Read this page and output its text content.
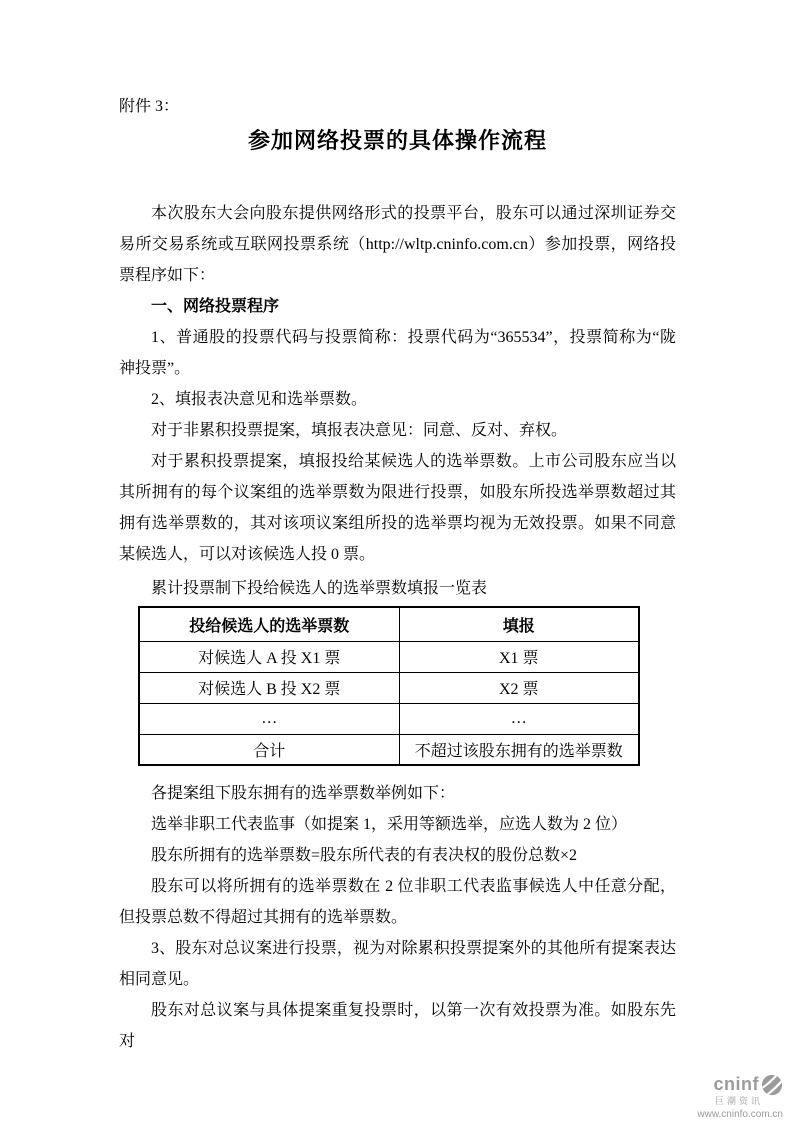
附件 3：
参加网络投票的具体操作流程

本次股东大会向股东提供网络形式的投票平台，股东可以通过深圳证券交易所交易系统或互联网投票系统（http://wltp.cninfo.com.cn）参加投票，网络投票程序如下：

一、网络投票程序

1、普通股的投票代码与投票简称：投票代码为“365534”，投票简称为“陇神投票”。

2、填报表决意见和选举票数。

对于非累积投票提案，填报表决意见：同意、反对、弃权。

对于累积投票提案，填报投给某候选人的选举票数。上市公司股东应当以其所拥有的每个议案组的选举票数为限进行投票，如股东所投选举票数超过其拥有选举票数的，其对该项议案组所投的选举票均视为无效投票。如果不同意某候选人，可以对该候选人投 0 票。

累计投票制下投给候选人的选举票数填报一览表

投给候选人的选举票数	填报
对候选人 A 投 X1 票	X1 票
对候选人 B 投 X2 票	X2 票
…	…
合计	不超过该股东拥有的选举票数

各提案组下股东拥有的选举票数举例如下：

选举非职工代表监事（如提案 1，采用等额选举，应选人数为 2 位）

股东所拥有的选举票数=股东所代表的有表决权的股份总数×2

股东可以将所拥有的选举票数在 2 位非职工代表监事候选人中任意分配，但投票总数不得超过其拥有的选举票数。

3、股东对总议案进行投票，视为对除累积投票提案外的其他所有提案表达相同意见。

股东对总议案与具体提案重复投票时，以第一次有效投票为准。如股东先对

cninf
巨潮资讯
www.cninfo.com.cn
